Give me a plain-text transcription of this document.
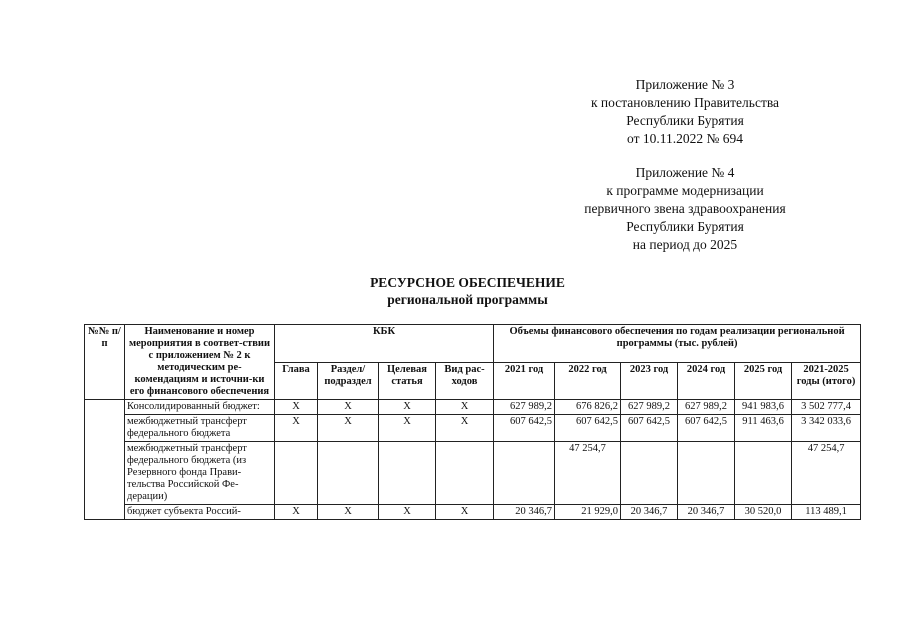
Приложение № 3
к постановлению Правительства
Республики Бурятия
от 10.11.2022 № 694
Приложение № 4
к программе модернизации
первичного звена здравоохранения
Республики Бурятия
на период до 2025
РЕСУРСНОЕ ОБЕСПЕЧЕНИЕ
региональной программы
№№ п/п	Наименование и номер мероприятия в соответ-ствии с приложением № 2 к методическим ре-комендациям и источни-ки его финансового обеспечения	КБК				Объемы финансового обеспечения по годам реализации региональной программы (тыс. рублей)					
		Глава	Раздел/ подраздел	Целевая статья	Вид рас-ходов	2021 год	2022 год	2023 год	2024 год	2025 год	2021-2025 годы (итого)
	Консолидированный бюджет:	Х	Х	Х	Х	627 989,2	676 826,2	627 989,2	627 989,2	941 983,6	3 502 777,4
	межбюджетный трансферт федерального бюджета	Х	Х	Х	Х	607 642,5	607 642,5	607 642,5	607 642,5	911 463,6	3 342 033,6
	межбюджетный трансферт федерального бюджета (из Резервного фонда Прави-тельства Российской Фе-дерации)						47 254,7				47 254,7
	бюджет субъекта Россий-	Х	Х	Х	Х	20 346,7	21 929,0	20 346,7	20 346,7	30 520,0	113 489,1
